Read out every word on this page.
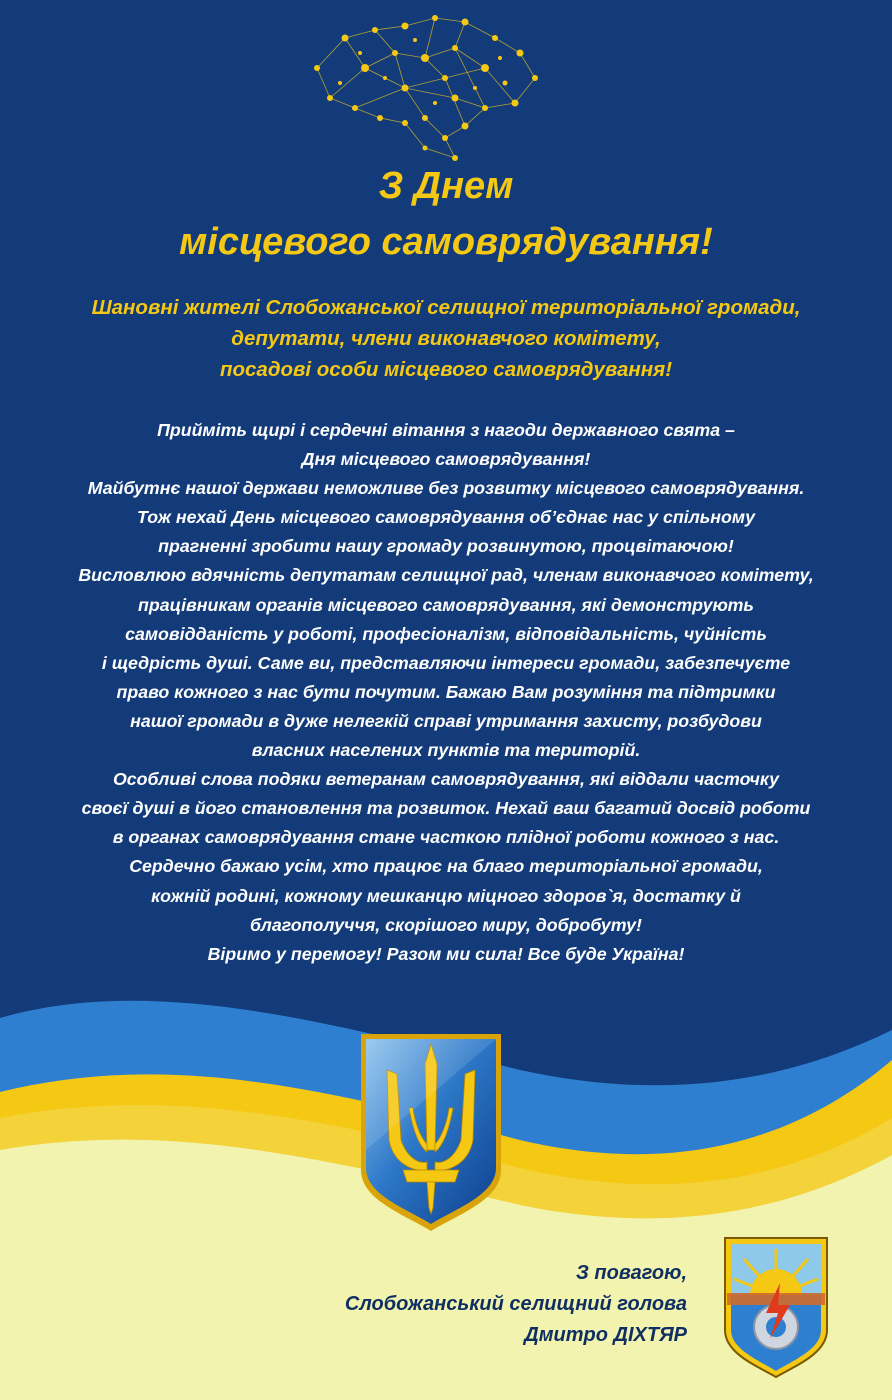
З Днем
місцевого самоврядування!
Шановні жителі Слобожанської селищної територіальної громади,
депутати, члени виконавчого комітету,
посадові особи місцевого самоврядування!
Прийміть щирі і сердечні вітання з нагоди державного свята –
Дня місцевого самоврядування!
Майбутнє нашої держави неможливе без розвитку місцевого самоврядування.
Тож нехай День місцевого самоврядування об’єднає нас у спільному
прагненні зробити нашу громаду розвинутою, процвітаючою!
Висловлюю вдячність депутатам селищної рад, членам виконавчого комітету,
працівникам органів місцевого самоврядування, які демонструють
самовідданість у роботі, професіоналізм, відповідальність, чуйність
і щедрість душі. Саме ви, представляючи інтереси громади, забезпечуєте
право кожного з нас бути почутим. Бажаю Вам розуміння та підтримки
нашої громади в дуже нелегкій справі утримання захисту, розбудови
власних населених пунктів та територій.
Особливі слова подяки ветеранам самоврядування, які віддали часточку
своєї душі в його становлення та розвиток. Нехай ваш багатий досвід роботи
в органах самоврядування стане часткою плідної роботи кожного з нас.
Сердечно бажаю усім, хто працює на благо територіальної громади,
кожній родині, кожному мешканцю міцного здоров`я, достатку й
благополуччя, скорішого миру, добробуту!
Віримо у перемогу! Разом ми сила! Все буде Україна!
З повагою,
Слобожанський селищний голова
Дмитро ДІХТЯР
